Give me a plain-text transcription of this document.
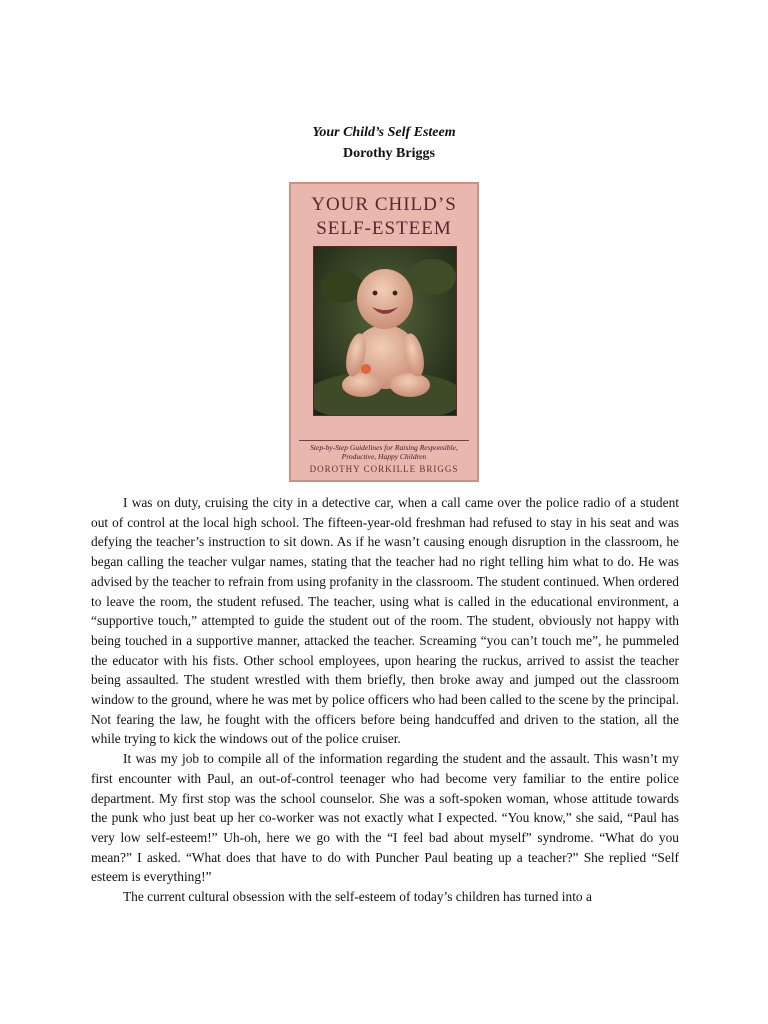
Your Child’s Self Esteem
Dorothy Briggs
YOUR CHILD’S
SELF-ESTEEM
Step-by-Step Guidelines for Raising Responsible, Productive, Happy Children
DOROTHY CORKILLE BRIGGS

I was on duty, cruising the city in a detective car, when a call came over the police radio of a student out of control at the local high school. The fifteen-year-old freshman had refused to stay in his seat and was defying the teacher’s instruction to sit down. As if he wasn’t causing enough disruption in the classroom, he began calling the teacher vulgar names, stating that the teacher had no right telling him what to do. He was advised by the teacher to refrain from using profanity in the classroom. The student continued. When ordered to leave the room, the student refused. The teacher, using what is called in the educational environment, a “supportive touch,” attempted to guide the student out of the room. The student, obviously not happy with being touched in a supportive manner, attacked the teacher. Screaming “you can’t touch me”, he pummeled the educator with his fists. Other school employees, upon hearing the ruckus, arrived to assist the teacher being assaulted. The student wrestled with them briefly, then broke away and jumped out the classroom window to the ground, where he was met by police officers who had been called to the scene by the principal. Not fearing the law, he fought with the officers before being handcuffed and driven to the station, all the while trying to kick the windows out of the police cruiser.

It was my job to compile all of the information regarding the student and the assault. This wasn’t my first encounter with Paul, an out-of-control teenager who had become very familiar to the entire police department. My first stop was the school counselor. She was a soft-spoken woman, whose attitude towards the punk who just beat up her co-worker was not exactly what I expected. “You know,” she said, “Paul has very low self-esteem!” Uh-oh, here we go with the “I feel bad about myself” syndrome. “What do you mean?” I asked. “What does that have to do with Puncher Paul beating up a teacher?” She replied “Self esteem is everything!”

The current cultural obsession with the self-esteem of today’s children has turned into a
